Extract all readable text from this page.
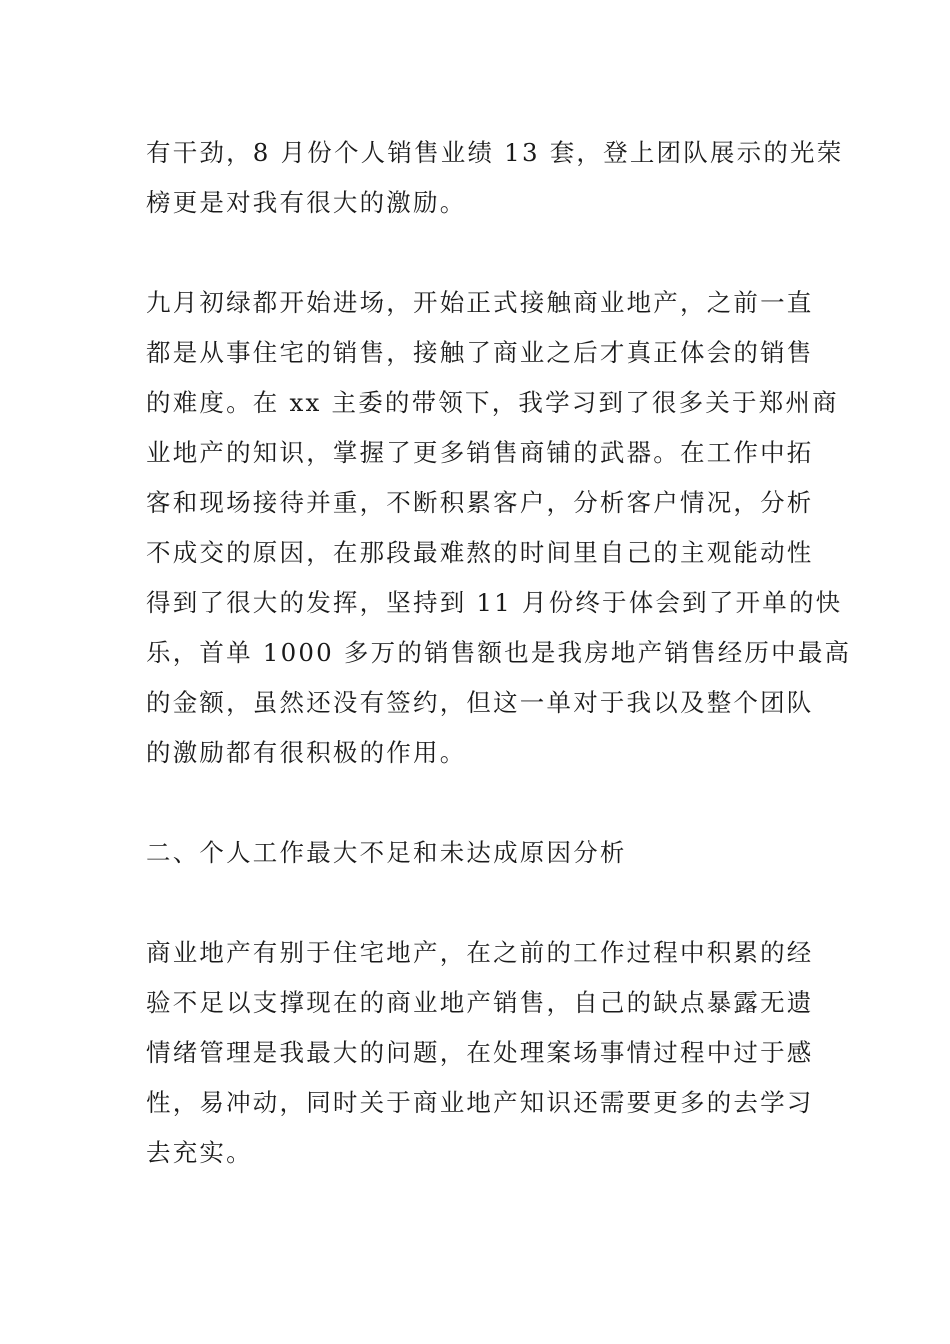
有干劲，8 月份个人销售业绩 13 套，登上团队展示的光荣
榜更是对我有很大的激励。
九月初绿都开始进场，开始正式接触商业地产，之前一直
都是从事住宅的销售，接触了商业之后才真正体会的销售
的难度。在 xx 主委的带领下，我学习到了很多关于郑州商
业地产的知识，掌握了更多销售商铺的武器。在工作中拓
客和现场接待并重，不断积累客户，分析客户情况，分析
不成交的原因，在那段最难熬的时间里自己的主观能动性
得到了很大的发挥，坚持到 11 月份终于体会到了开单的快
乐，首单 1000 多万的销售额也是我房地产销售经历中最高
的金额，虽然还没有签约，但这一单对于我以及整个团队
的激励都有很积极的作用。
二、个人工作最大不足和未达成原因分析
商业地产有别于住宅地产，在之前的工作过程中积累的经
验不足以支撑现在的商业地产销售，自己的缺点暴露无遗
情绪管理是我最大的问题，在处理案场事情过程中过于感
性，易冲动，同时关于商业地产知识还需要更多的去学习
去充实。
